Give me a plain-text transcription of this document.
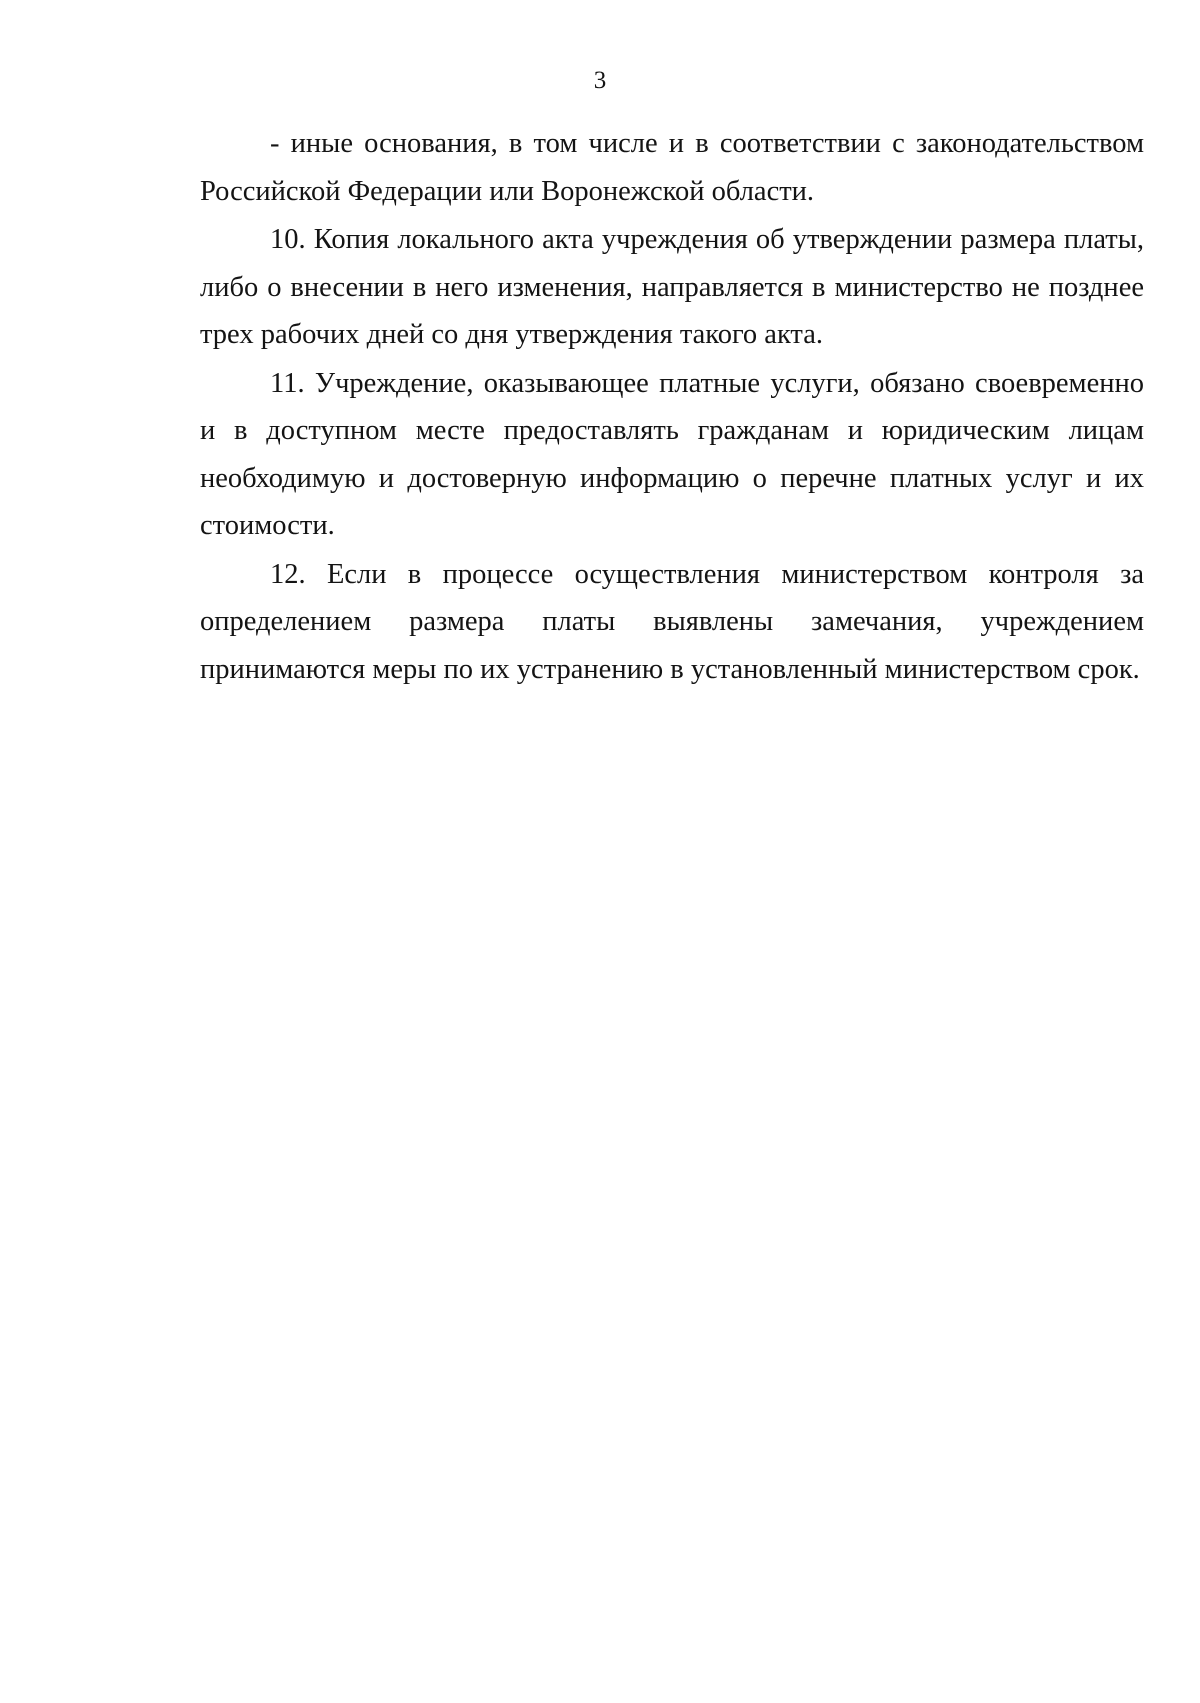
3

- иные основания, в том числе и в соответствии с законодательством Российской Федерации или Воронежской области.

10. Копия локального акта учреждения об утверждении размера платы, либо о внесении в него изменения, направляется в министерство не позднее трех рабочих дней со дня утверждения такого акта.

11. Учреждение, оказывающее платные услуги, обязано своевременно и в доступном месте предоставлять гражданам и юридическим лицам необходимую и достоверную информацию о перечне платных услуг и их стоимости.

12. Если в процессе осуществления министерством контроля за определением размера платы выявлены замечания, учреждением принимаются меры по их устранению в установленный министерством срок.
